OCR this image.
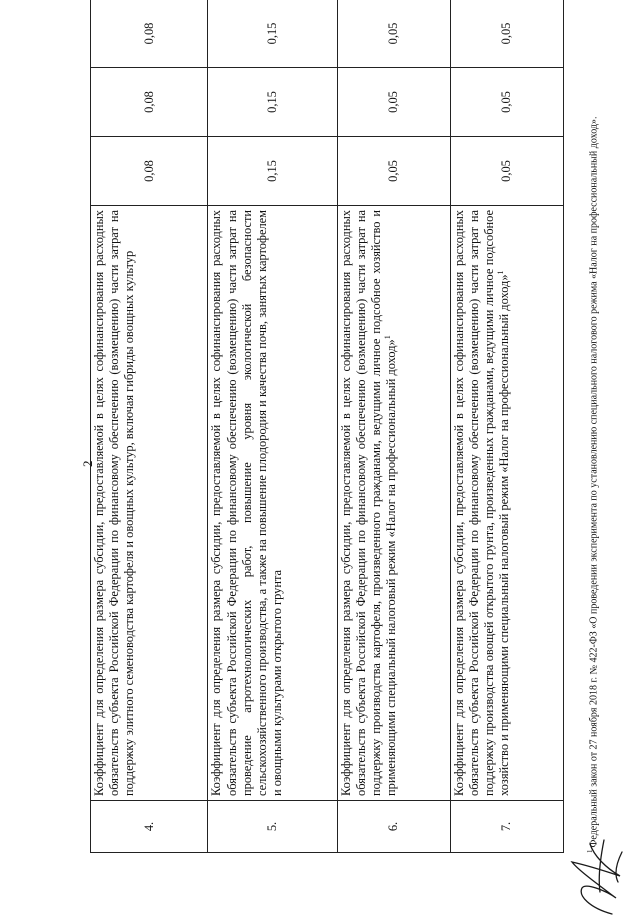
2
4.	Коэффициент для определения размера субсидии, предоставляемой в целях софинансирования расходных обязательств субъекта Российской Федерации по финансовому обеспечению (возмещению) части затрат на поддержку элитного семеноводства картофеля и овощных культур, включая гибриды овощных культур	0,08	0,08	0,08
5.	Коэффициент для определения размера субсидии, предоставляемой в целях софинансирования расходных обязательств субъекта Российской Федерации по финансовому обеспечению (возмещению) части затрат на проведение агротехнологических работ, повышение уровня экологической безопасности сельскохозяйственного производства, а также на повышение плодородия и качества почв, занятых картофелем и овощными культурами открытого грунта	0,15	0,15	0,15
6.	Коэффициент для определения размера субсидии, предоставляемой в целях софинансирования расходных обязательств субъекта Российской Федерации по финансовому обеспечению (возмещению) части затрат на поддержку производства картофеля, произведенного гражданами, ведущими личное подсобное хозяйство и применяющими специальный налоговый режим «Налог на профессиональный доход»$^1$	0,05	0,05	0,05
7.	Коэффициент для определения размера субсидии, предоставляемой в целях софинансирования расходных обязательств субъекта Российской Федерации по финансовому обеспечению (возмещению) части затрат на поддержку производства овощей открытого грунта, произведенных гражданами, ведущими личное подсобное хозяйство и применяющими специальный налоговый режим «Налог на профессиональный доход»$^1$	0,05	0,05	0,05
$^1$Федеральный закон от 27 ноября 2018 г. № 422-ФЗ «О проведении эксперимента по установлению специального налогового режима «Налог на профессиональный доход».
